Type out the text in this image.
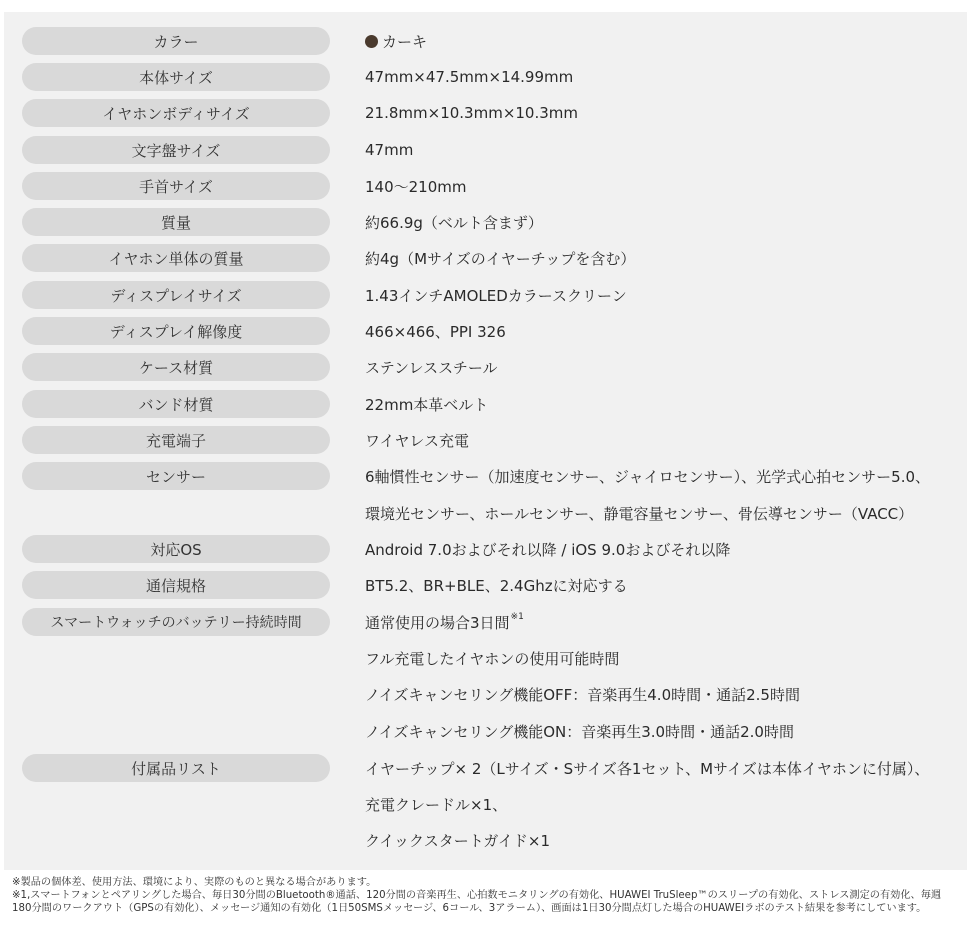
カラー	カーキ
本体サイズ	47mm×47.5mm×14.99mm
イヤホンボディサイズ	21.8mm×10.3mm×10.3mm
文字盤サイズ	47mm
手首サイズ	140〜210mm
質量	約66.9g（ベルト含まず）
イヤホン単体の質量	約4g（Mサイズのイヤーチップを含む）
ディスプレイサイズ	1.43インチAMOLEDカラースクリーン
ディスプレイ解像度	466×466、PPI 326
ケース材質	ステンレススチール
バンド材質	22mm本革ベルト
充電端子	ワイヤレス充電
センサー	6軸慣性センサー（加速度センサー、ジャイロセンサー）、光学式心拍センサー5.0、
環境光センサー、ホールセンサー、静電容量センサー、骨伝導センサー（VACC）
対応OS	Android 7.0およびそれ以降 / iOS 9.0およびそれ以降
通信規格	BT5.2、BR+BLE、2.4Ghzに対応する
スマートウォッチのバッテリー持続時間	通常使用の場合3日間$^{※1}$
フル充電したイヤホンの使用可能時間
ノイズキャンセリング機能OFF：音楽再生4.0時間・通話2.5時間
ノイズキャンセリング機能ON：音楽再生3.0時間・通話2.0時間
付属品リスト	イヤーチップ× 2（Lサイズ・Sサイズ各1セット、Mサイズは本体イヤホンに付属）、
充電クレードル×1、
クイックスタートガイド×1
※製品の個体差、使用方法、環境により、実際のものと異なる場合があります。
※1,スマートフォンとペアリングした場合、毎日30分間のBluetooth®通話、120分間の音楽再生、心拍数モニタリングの有効化、HUAWEI TruSleep™のスリープの有効化、ストレス測定の有効化、毎週180分間のワークアウト（GPSの有効化）、メッセージ通知の有効化（1日50SMSメッセージ、6コール、3アラーム）、画面は1日30分間点灯した場合のHUAWEIラボのテスト結果を参考にしています。
